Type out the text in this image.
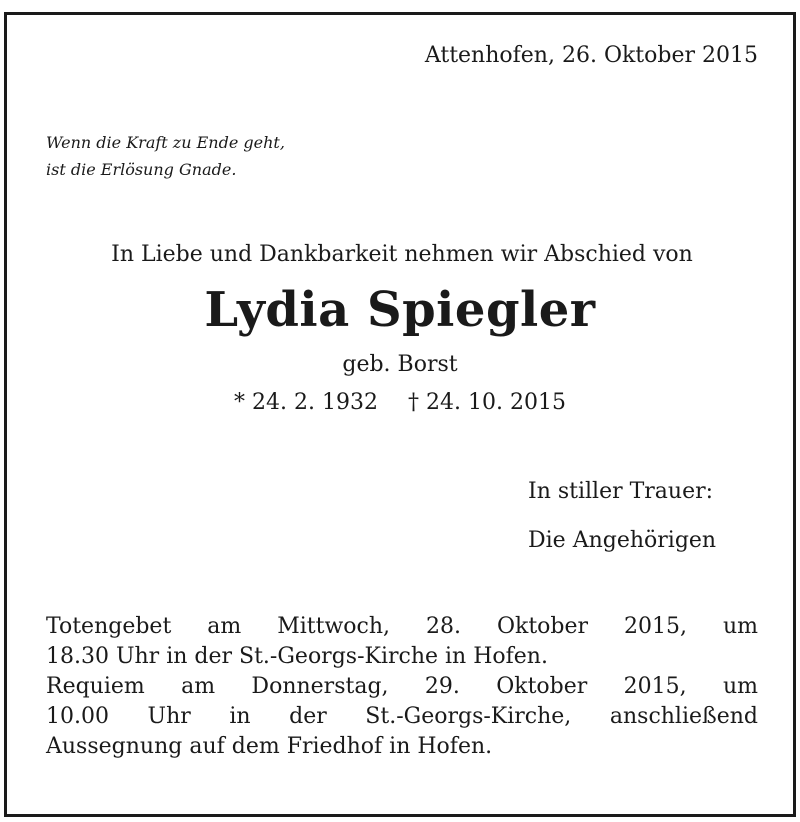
Attenhofen, 26. Oktober 2015
Wenn die Kraft zu Ende geht,
ist die Erlösung Gnade.
In Liebe und Dankbarkeit nehmen wir Abschied von
Lydia Spiegler
geb. Borst
* 24. 2. 1932 † 24. 10. 2015
In stiller Trauer:
Die Angehörigen
Totengebet am Mittwoch, 28. Oktober 2015, um
18.30 Uhr in der St.-Georgs-Kirche in Hofen.
Requiem am Donnerstag, 29. Oktober 2015, um
10.00 Uhr in der St.-Georgs-Kirche, anschließend
Aussegnung auf dem Friedhof in Hofen.
